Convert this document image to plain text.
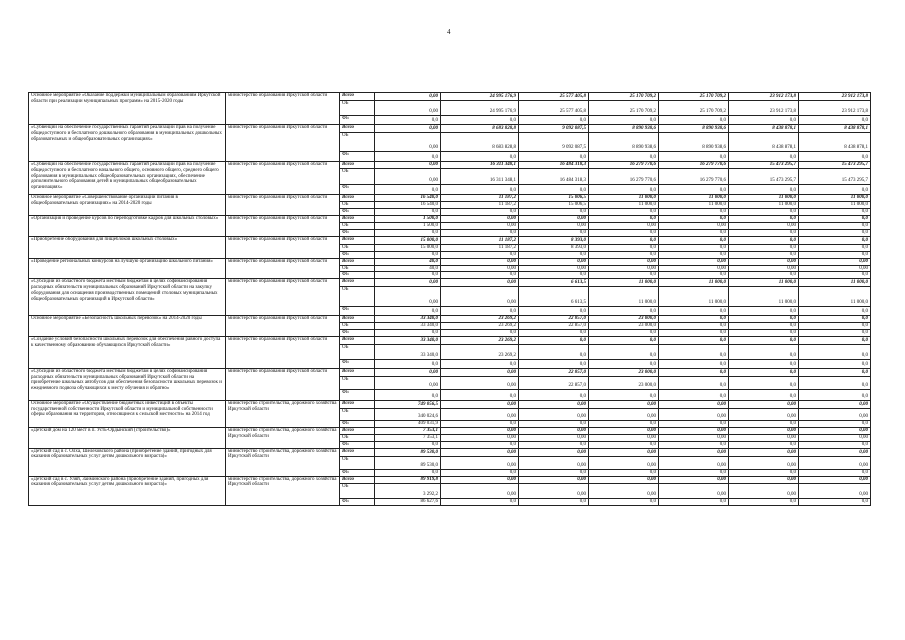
4
Основное мероприятие «Оказание поддержки муниципальным образованиям Иркутской области при реализации муниципальных программ» на 2015-2020 годы	министерство образования Иркутской области	Всего	0,00	24 995 176,9	25 577 405,8	25 170 709,2	25 170 709,2	23 912 173,8	23 912 173,8
		ОБ	0,00	24 995 176,9	25 577 405,8	25 170 709,2	25 170 709,2	23 912 173,8	23 912 173,8
		ФБ	0,0	0,0	0,0	0,0	0,0	0,0	0,0
«Субвенции на обеспечение государственных гарантий реализации прав на получение общедоступного и бесплатного дошкольного образования в муниципальных дошкольных образовательных и общеобразовательных организациях»	министерство образования Иркутской области	Всего	0,00	8 683 828,8	9 092 087,5	8 890 938,6	8 890 938,6	8 438 878,1	8 438 878,1
		ОБ	0,00	8 683 828,8	9 092 087,5	8 890 938,6	8 890 938,6	8 438 878,1	8 438 878,1
		ФБ	0,0	0,0	0,0	0,0	0,0	0,0	0,0
«Субвенции на обеспечение государственных гарантий реализации прав на получение общедоступного и бесплатного начального общего, основного общего, среднего общего образования в муниципальных общеобразовательных организациях, обеспечение дополнительного образования детей в муниципальных общеобразовательных организациях»	министерство образования Иркутской области	Всего	0,00	16 311 348,1	16 484 318,3	16 279 770,6	16 279 770,6	15 473 295,7	15 473 295,7
		ОБ	0,00	16 311 348,1	16 484 318,3	16 279 770,6	16 279 770,6	15 473 295,7	15 473 295,7
		ФБ	0,0	0,0	0,0	0,0	0,0	0,0	0,0
Основное мероприятие «Совершенствование организации питания в общеобразовательных организациях» на 2014-2020 годы	министерство образования Иркутской области	Всего	16 540,0	11 187,2	15 006,5	11 000,0	11 000,0	11 000,0	11 000,0
		ОБ	16 540,0	11 187,2	15 006,5	11 000,0	11 000,0	11 000,0	11 000,0
		ФБ	0,0	0,0	0,0	0,0	0,0	0,0	0,0
«Организация и проведение курсов по переподготовке кадров для школьных столовых»	министерство образования Иркутской области	Всего	1 500,0	0,00	0,00	0,0	0,0	0,0	0,0
		ОБ	1 500,0	0,00	0,00	0,00	0,00	0,00	0,0
		ФБ	0,0	0,0	0,0	0,0	0,0	0,0	0,0
«Приобретение оборудования для пищеблоков школьных столовых»	министерство образования Иркутской области	Всего	15 000,0	11 187,2	8 393,0	0,0	0,0	0,0	0,0
		ОБ	15 000,0	11 187,2	8 393,0	0,0	0,0	0,0	0,0
		ФБ	0,0	0,0	0,0	0,0	0,0	0,0	0,0
«Проведение региональных конкурсов на лучшую организацию школьного питания»	министерство образования Иркутской области	Всего	40,0	0,00	0,00	0,00	0,00	0,00	0,00
		ОБ	40,0	0,00	0,00	0,00	0,00	0,00	0,00
		ФБ	0,0	0,0	0,0	0,0	0,0	0,0	0,0
«Субсидии из областного бюджета местным бюджетам в целях софинансирования расходных обязательств муниципальных образований Иркутской области на закупку оборудования для оснащения производственных помещений столовых муниципальных общеобразовательных организаций в Иркутской области»	министерство образования Иркутской области	Всего	0,00	0,00	6 613,5	11 000,0	11 000,0	11 000,0	11 000,0
		ОБ	0,00	0,00	6 613,5	11 000,0	11 000,0	11 000,0	11 000,0
		ФБ	0,0	0,0	0,0	0,0	0,0	0,0	0,0
Основное мероприятие «Безопасность школьных перевозок» на 2014-2020 годы	министерство образования Иркутской области	Всего	33 340,0	23 269,2	22 857,0	23 000,0	0,0	0,0	0,0
		ОБ	33 340,0	23 269,2	22 857,0	23 000,0	0,0	0,0	0,0
		ФБ	0,0	0,0	0,0	0,0	0,0	0,0	0,0
«Создание условий безопасности школьных перевозок для обеспечения равного доступа к качественному образованию обучающихся Иркутской области»	министерство образования Иркутской области	Всего	33 340,0	23 269,2	0,0	0,0	0,0	0,0	0,0
		ОБ	33 340,0	23 269,2	0,0	0,0	0,0	0,0	0,0
		ФБ	0,0	0,0	0,0	0,0	0,0	0,0	0,0
«Субсидии из областного бюджета местным бюджетам в целях софинансирования расходных обязательств муниципальных образований Иркутской области на приобретение школьных автобусов для обеспечения безопасности школьных перевозок и ежедневного подвоза обучающихся к месту обучения и обратно»	министерство образования Иркутской области	Всего	0,00	0,00	22 857,0	23 000,0	0,0	0,0	0,0
		ОБ	0,00	0,00	22 857,0	23 000,0	0,0	0,0	0,0
		ФБ	0,0	0,0	0,0	0,0	0,0	0,0	0,0
Основное мероприятие «Осуществление бюджетных инвестиций в объекты государственной собственности Иркутской области и муниципальной собственности сферы образования на территории, относящиеся к сельской местности» на 2014 год	министерство строительства, дорожного хозяйства Иркутской области	Всего	749 056,5	0,00	0,00	0,00	0,00	0,00	0,00
		ОБ	340 024,6	0,00	0,00	0,00	0,00	0,00	0,00
		ФБ	409 031,9	0,0	0,0	0,0	0,0	0,0	0,0
«Детский дом на 120 мест в п. Усть-Ордынский (строительство)»	министерство строительства, дорожного хозяйства Иркутской области	Всего	7 353,1	0,00	0,00	0,00	0,00	0,00	0,00
		ОБ	7 353,1	0,00	0,00	0,00	0,00	0,00	0,00
		ФБ	0,0	0,0	0,0	0,0	0,0	0,0	0,0
«Детский сад в с. Олха, Шелеховского района (приобретение зданий, пригодных для оказания образовательных услуг детям дошкольного возраста)»	министерство строительства, дорожного хозяйства Иркутской области	Всего	89 530,0	0,00	0,00	0,00	0,00	0,00	0,00
		ОБ	89 530,0	0,00	0,00	0,00	0,00	0,00	0,00
		ФБ	0,0	0,0	0,0	0,0	0,0	0,0	0,0
«Детский сад в с. Уляй, Заиминского района (приобретение зданий, пригодных для оказания образовательных услуг детям дошкольного возраста)»	министерство строительства, дорожного хозяйства Иркутской области	Всего	89 919,8	0,00	0,00	0,00	0,00	0,00	0,00
		ОБ	3 292,2	0,00	0,00	0,00	0,00	0,00	0,00
		ФБ	86 627,6	0,0	0,0	0,0	0,0	0,0	0,0
